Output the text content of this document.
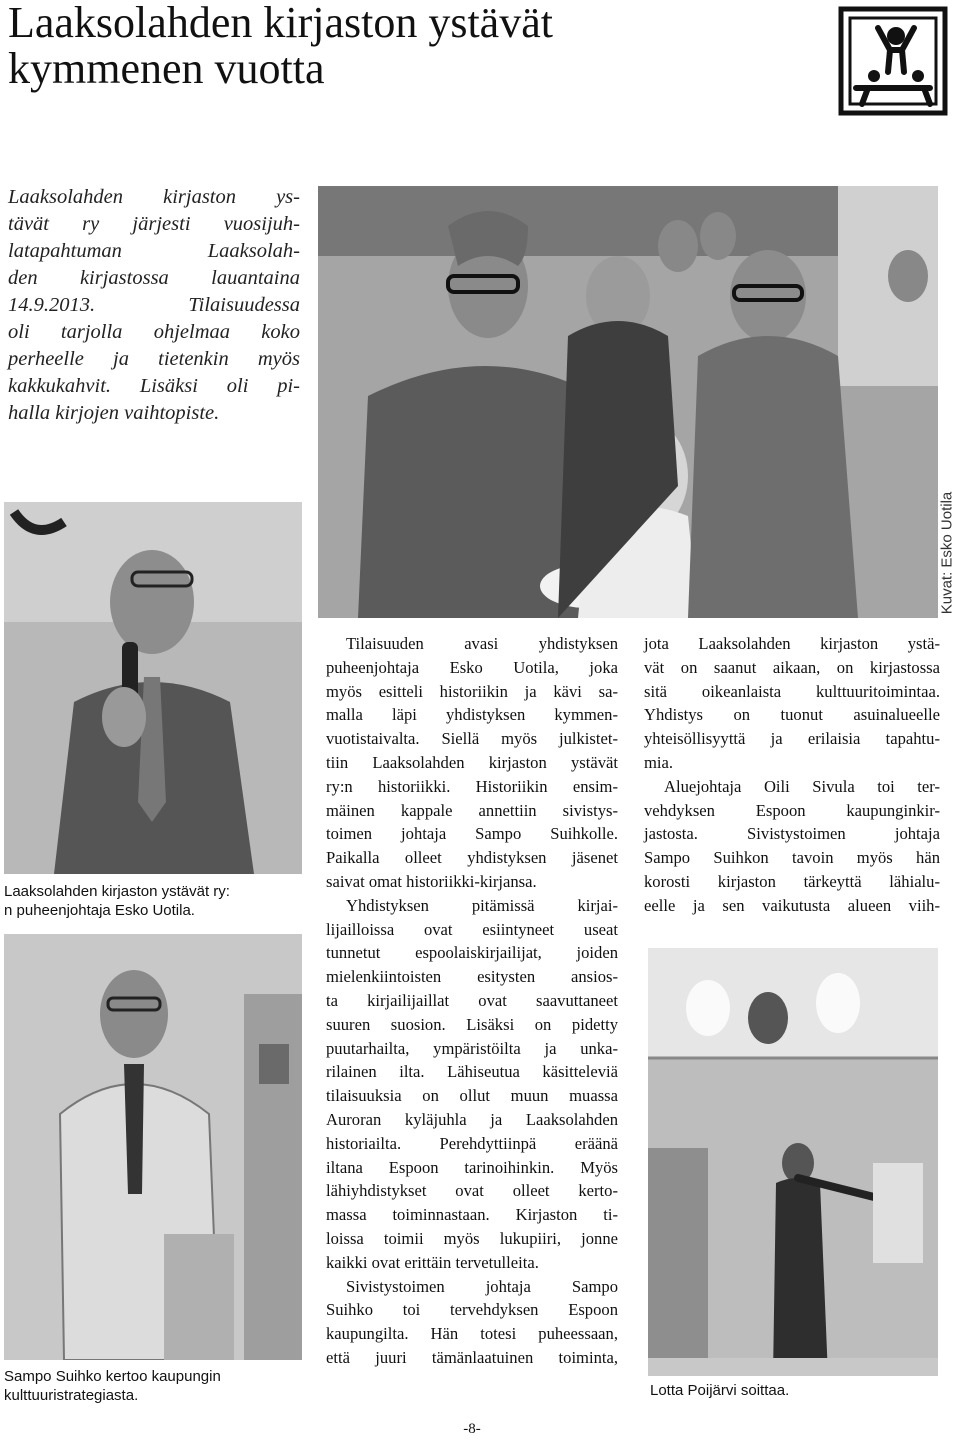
Laaksolahden kirjaston ystävät
kymmenen vuotta
Laaksolahden kirjaston ys-
tävät ry järjesti vuosijuh-
latapahtuman Laaksolah-
den kirjastossa lauantaina
14.9.2013. Tilaisuudessa
oli tarjolla ohjelmaa koko
perheelle ja tietenkin myös
kakkukahvit. Lisäksi oli pi-
halla kirjojen vaihtopiste.
Laaksolahden kirjaston ystävät ry:
n puheenjohtaja Esko Uotila.
Sampo Suihko kertoo kaupungin
kulttuuristrategiasta.
Kuvat: Esko Uotila
Tilaisuuden avasi yhdistyksen
puheenjohtaja Esko Uotila, joka
myös esitteli historiikin ja kävi sa-
malla läpi yhdistyksen kymmen-
vuotistaivalta. Siellä myös julkistet-
tiin Laaksolahden kirjaston ystävät
ry:n historiikki. Historiikin ensim-
mäinen kappale annettiin sivistys-
toimen johtaja Sampo Suihkolle.
Paikalla olleet yhdistyksen jäsenet
saivat omat historiikki-kirjansa.
Yhdistyksen pitämissä kirjai-
lijailloissa ovat esiintyneet useat
tunnetut espoolaiskirjailijat, joiden
mielenkiintoisten esitysten ansios-
ta kirjailijaillat ovat saavuttaneet
suuren suosion. Lisäksi on pidetty
puutarhailta, ympäristöilta ja unka-
rilainen ilta. Lähiseutua käsitteleviä
tilaisuuksia on ollut muun muassa
Auroran kyläjuhla ja Laaksolahden
historiailta. Perehdyttiinpä eräänä
iltana Espoon tarinoihinkin. Myös
lähiyhdistykset ovat olleet kerto-
massa toiminnastaan. Kirjaston ti-
loissa toimii myös lukupiiri, jonne
kaikki ovat erittäin tervetulleita.
Sivistystoimen johtaja Sampo
Suihko toi tervehdyksen Espoon
kaupungilta. Hän totesi puheessaan,
että juuri tämänlaatuinen toiminta,
jota Laaksolahden kirjaston ystä-
vät on saanut aikaan, on kirjastossa
sitä oikeanlaista kulttuuritoimintaa.
Yhdistys on tuonut asuinalueelle
yhteisöllisyyttä ja erilaisia tapahtu-
mia.
Aluejohtaja Oili Sivula toi ter-
vehdyksen Espoon kaupunginkir-
jastosta. Sivistystoimen johtaja
Sampo Suihkon tavoin myös hän
korosti kirjaston tärkeyttä lähialu-
eelle ja sen vaikutusta alueen viih-
Lotta Poijärvi soittaa.
-8-
